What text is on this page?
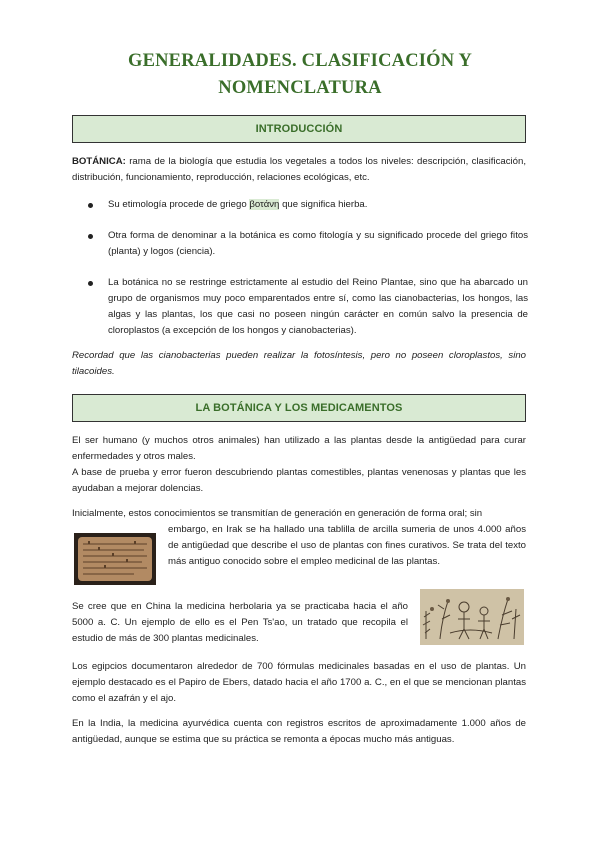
GENERALIDADES. CLASIFICACIÓN Y
NOMENCLATURA
INTRODUCCIÓN

BOTÁNICA: rama de la biología que estudia los vegetales a todos los niveles: descripción, clasificación, distribución, funcionamiento, reproducción, relaciones ecológicas, etc.

Su etimología procede de griego βοτάνη que significa hierba.
Otra forma de denominar a la botánica es como fitología y su significado procede del griego fitos (planta) y logos (ciencia).
La botánica no se restringe estrictamente al estudio del Reino Plantae, sino que ha abarcado un grupo de organismos muy poco emparentados entre sí, como las cianobacterias, los hongos, las algas y las plantas, los que casi no poseen ningún carácter en común salvo la presencia de cloroplastos (a excepción de los hongos y cianobacterias).

Recordad que las cianobacterias pueden realizar la fotosíntesis, pero no poseen cloroplastos, sino tilacoides.

LA BOTÁNICA Y LOS MEDICAMENTOS

El ser humano (y muchos otros animales) han utilizado a las plantas desde la antigüedad para curar enfermedades y otros males.

A base de prueba y error fueron descubriendo plantas comestibles, plantas venenosas y plantas que les ayudaban a mejorar dolencias.

Inicialmente, estos conocimientos se transmitían de generación en generación de forma oral; sin

embargo, en Irak se ha hallado una tablilla de arcilla sumeria de unos 4.000 años de antigüedad que describe el uso de plantas con fines curativos. Se trata del texto más antiguo conocido sobre el empleo medicinal de las plantas.

Se cree que en China la medicina herbolaria ya se practicaba hacia el año 5000 a. C. Un ejemplo de ello es el Pen Ts'ao, un tratado que recopila el estudio de más de 300 plantas medicinales.

Los egipcios documentaron alrededor de 700 fórmulas medicinales basadas en el uso de plantas. Un ejemplo destacado es el Papiro de Ebers, datado hacia el año 1700 a. C., en el que se mencionan plantas como el azafrán y el ajo.

En la India, la medicina ayurvédica cuenta con registros escritos de aproximadamente 1.000 años de antigüedad, aunque se estima que su práctica se remonta a épocas mucho más antiguas.
